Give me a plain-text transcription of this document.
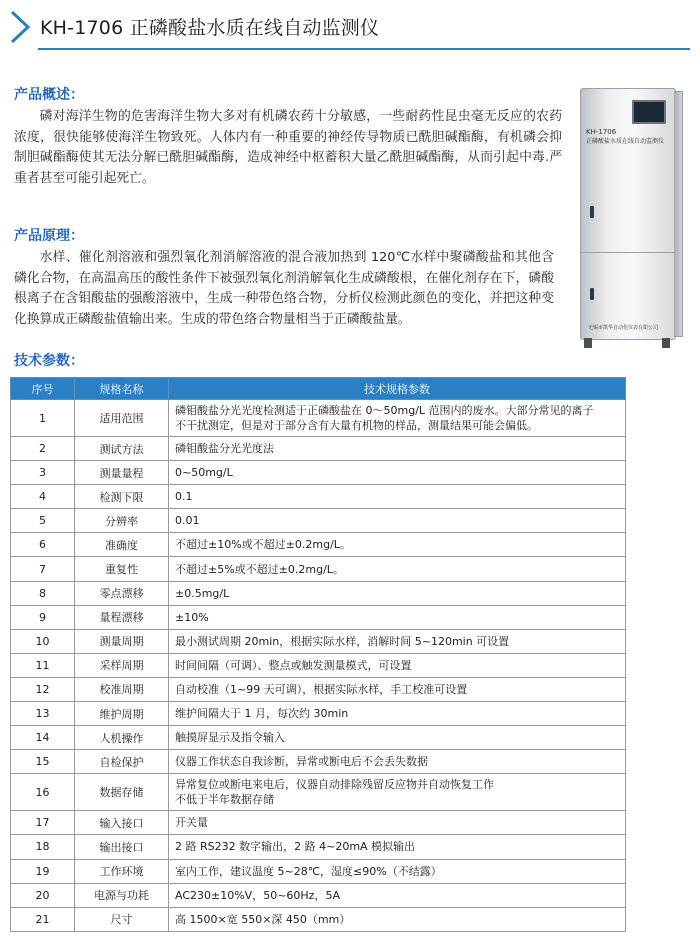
KH-1706 正磷酸盐水质在线自动监测仪
产品概述：

磷对海洋生物的危害海洋生物大多对有机磷农药十分敏感，一些耐药性昆虫毫无反应的农药浓度，很快能够使海洋生物致死。人体内有一种重要的神经传导物质已酰胆碱酯酶，有机磷会抑制胆碱酯酶使其无法分解已酰胆碱酯酶，造成神经中枢蓄积大量乙酰胆碱酯酶，从而引起中毒.严重者甚至可能引起死亡。

产品原理：

水样、催化剂溶液和强烈氧化剂消解溶液的混合液加热到 120℃水样中聚磷酸盐和其他含磷化合物，在高温高压的酸性条件下被强烈氧化剂消解氧化生成磷酸根，在催化剂存在下，磷酸根离子在含钼酸盐的强酸溶液中，生成一种带色络合物，分析仪检测此颜色的变化，并把这种变化换算成正磷酸盐值输出来。生成的带色络合物量相当于正磷酸盐量。

KH-1706
正磷酸盐水质在线自动监测仪
无锡市凯华自动化仪表有限公司
技术参数：
序号	规格名称	技术规格参数
1	适用范围	磷钼酸盐分光光度检测适于正磷酸盐在 0～50mg/L 范围内的废水。大部分常见的离子
不干扰测定，但是对于部分含有大量有机物的样品，测量结果可能会偏低。

2	测试方法	磷钼酸盐分光光度法
3	测量量程	0~50mg/L
4	检测下限	0.1
5	分辨率	0.01
6	准确度	不超过±10%或不超过±0.2mg/L。
7	重复性	不超过±5%或不超过±0.2mg/L。
8	零点漂移	±0.5mg/L
9	量程漂移	±10%
10	测量周期	最小测试周期 20min，根据实际水样，消解时间 5~120min 可设置
11	采样周期	时间间隔（可调）、整点或触发测量模式，可设置
12	校准周期	自动校准（1~99 天可调），根据实际水样，手工校准可设置
13	维护周期	维护间隔大于 1 月，每次约 30min
14	人机操作	触摸屏显示及指令输入
15	自检保护	仪器工作状态自我诊断，异常或断电后不会丢失数据
16	数据存储	异常复位或断电来电后，仪器自动排除残留反应物并自动恢复工作
不低于半年数据存储

17	输入接口	开关量
18	输出接口	2 路 RS232 数字输出，2 路 4~20mA 模拟输出
19	工作环境	室内工作，建议温度 5~28℃，湿度≤90%（不结露）
20	电源与功耗	AC230±10%V，50~60Hz，5A
21	尺寸	高 1500×宽 550×深 450（mm）
